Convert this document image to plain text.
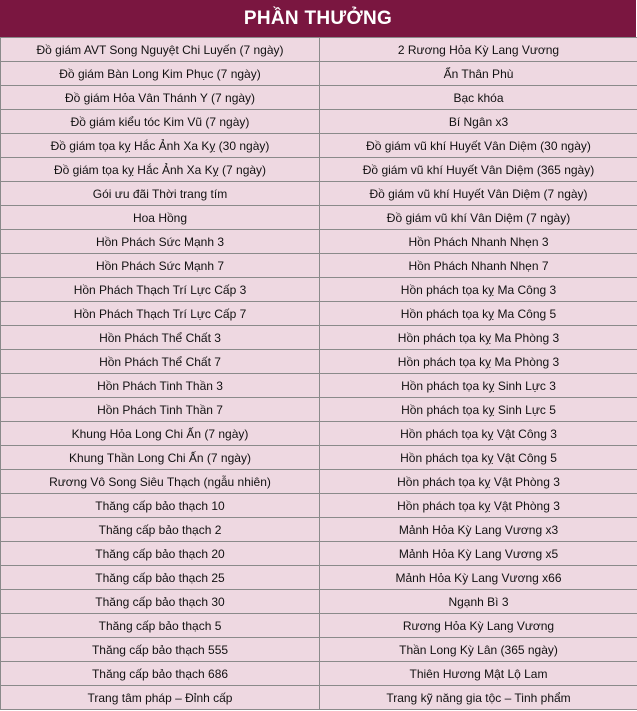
PHẦN THƯỞNG
Đồ giám AVT Song Nguyệt Chi Luyến (7 ngày)	2 Rương Hỏa Kỳ Lang Vương
Đồ giám Bàn Long Kim Phục (7 ngày)	Ẩn Thân Phù
Đồ giám Hỏa Vân Thánh Y (7 ngày)	Bạc khóa
Đồ giám kiểu tóc Kim Vũ (7 ngày)	Bí Ngân x3
Đồ giám tọa kỵ Hắc Ảnh Xa Kỵ (30 ngày)	Đồ giám vũ khí Huyết Vân Diệm (30 ngày)
Đồ giám tọa kỵ Hắc Ảnh Xa Kỵ (7 ngày)	Đồ giám vũ khí Huyết Vân Diệm (365 ngày)
Gói ưu đãi Thời trang tím	Đồ giám vũ khí Huyết Vân Diệm (7 ngày)
Hoa Hồng	Đồ giám vũ khí Vân Diệm (7 ngày)
Hồn Phách Sức Mạnh 3	Hồn Phách Nhanh Nhẹn 3
Hồn Phách Sức Mạnh 7	Hồn Phách Nhanh Nhẹn 7
Hồn Phách Thạch Trí Lực Cấp 3	Hồn phách tọa kỵ Ma Công 3
Hồn Phách Thạch Trí Lực Cấp 7	Hồn phách tọa kỵ Ma Công 5
Hồn Phách Thể Chất 3	Hồn phách tọa kỵ Ma Phòng 3
Hồn Phách Thể Chất 7	Hồn phách tọa kỵ Ma Phòng 3
Hồn Phách Tinh Thần 3	Hồn phách tọa kỵ Sinh Lực 3
Hồn Phách Tinh Thần 7	Hồn phách tọa kỵ Sinh Lực 5
Khung Hỏa Long Chi Ấn (7 ngày)	Hồn phách tọa kỵ Vật Công 3
Khung Thần Long Chi Ấn (7 ngày)	Hồn phách tọa kỵ Vật Công 5
Rương Vô Song Siêu Thạch (ngẫu nhiên)	Hồn phách tọa kỵ Vật Phòng 3
Thăng cấp bảo thạch 10	Hồn phách tọa kỵ Vật Phòng 3
Thăng cấp bảo thạch 2	Mảnh Hỏa Kỳ Lang Vương x3
Thăng cấp bảo thạch 20	Mảnh Hỏa Kỳ Lang Vương x5
Thăng cấp bảo thạch 25	Mảnh Hỏa Kỳ Lang Vương x66
Thăng cấp bảo thạch 30	Ngạnh Bì 3
Thăng cấp bảo thạch 5	Rương Hỏa Kỳ Lang Vương
Thăng cấp bảo thạch 555	Thần Long Kỳ Lân (365 ngày)
Thăng cấp bảo thạch 686	Thiên Hương Mật Lộ Lam
Trang tâm pháp – Đỉnh cấp	Trang kỹ năng gia tộc – Tinh phẩm
